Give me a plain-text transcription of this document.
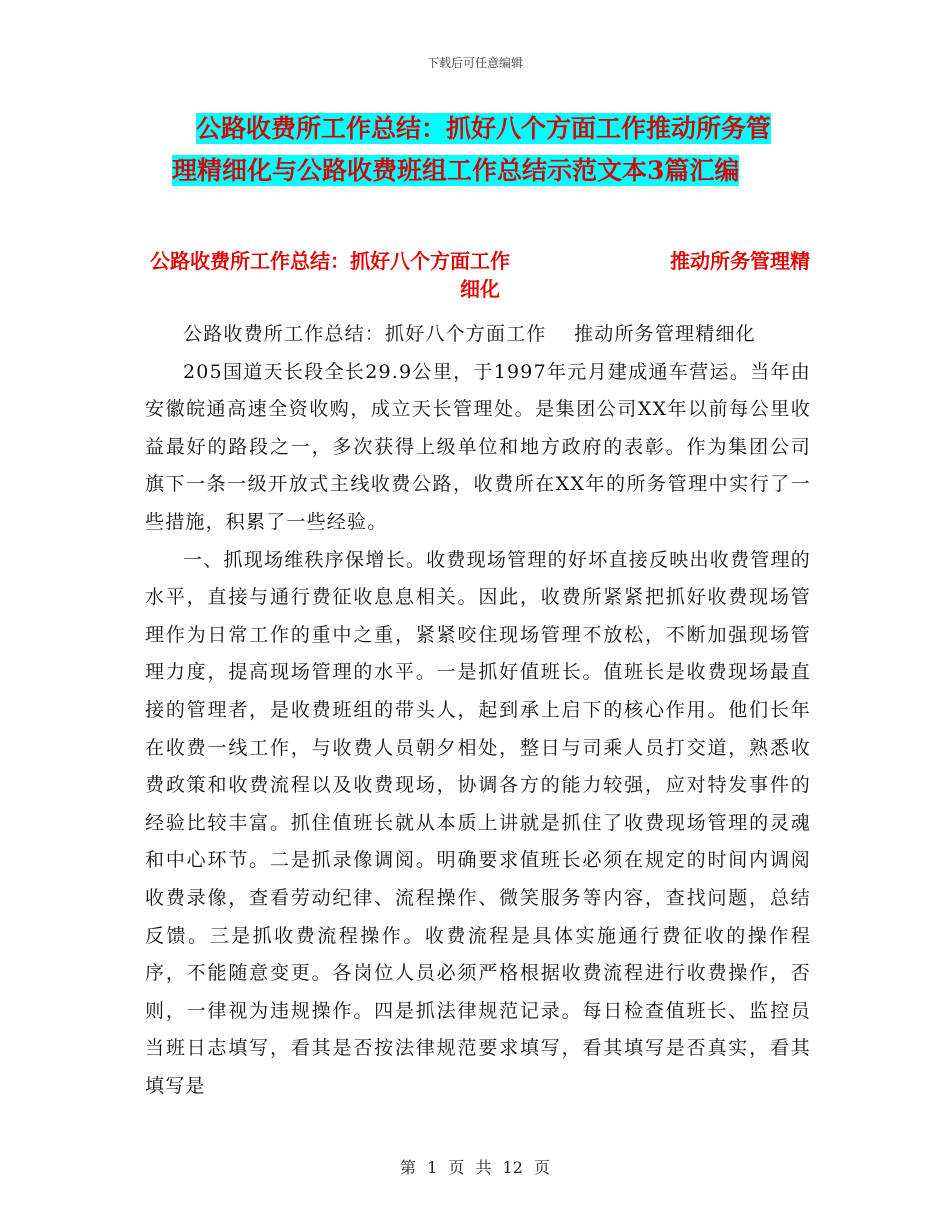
下载后可任意编辑
公路收费所工作总结：抓好八个方面工作推动所务管
理精细化与公路收费班组工作总结示范文本3篇汇编
公路收费所工作总结：抓好八个方面工作	推动所务管理精
细化

公路收费所工作总结：抓好八个方面工作　 推动所务管理精细化

205国道天长段全长29.9公里，于1997年元月建成通车营运。当年由安徽皖通高速全资收购，成立天长管理处。是集团公司XX年以前每公里收益最好的路段之一，多次获得上级单位和地方政府的表彰。作为集团公司旗下一条一级开放式主线收费公路，收费所在XX年的所务管理中实行了一些措施，积累了一些经验。

一、抓现场维秩序保增长。收费现场管理的好坏直接反映出收费管理的水平，直接与通行费征收息息相关。因此，收费所紧紧把抓好收费现场管理作为日常工作的重中之重，紧紧咬住现场管理不放松，不断加强现场管理力度，提高现场管理的水平。一是抓好值班长。值班长是收费现场最直接的管理者，是收费班组的带头人，起到承上启下的核心作用。他们长年在收费一线工作，与收费人员朝夕相处，整日与司乘人员打交道，熟悉收费政策和收费流程以及收费现场，协调各方的能力较强，应对特发事件的经验比较丰富。抓住值班长就从本质上讲就是抓住了收费现场管理的灵魂和中心环节。二是抓录像调阅。明确要求值班长必须在规定的时间内调阅收费录像，查看劳动纪律、流程操作、微笑服务等内容，查找问题，总结反馈。三是抓收费流程操作。收费流程是具体实施通行费征收的操作程序，不能随意变更。各岗位人员必须严格根据收费流程进行收费操作，否则，一律视为违规操作。四是抓法律规范记录。每日检查值班长、监控员当班日志填写，看其是否按法律规范要求填写，看其填写是否真实，看其填写是

第 1 页 共 12 页
